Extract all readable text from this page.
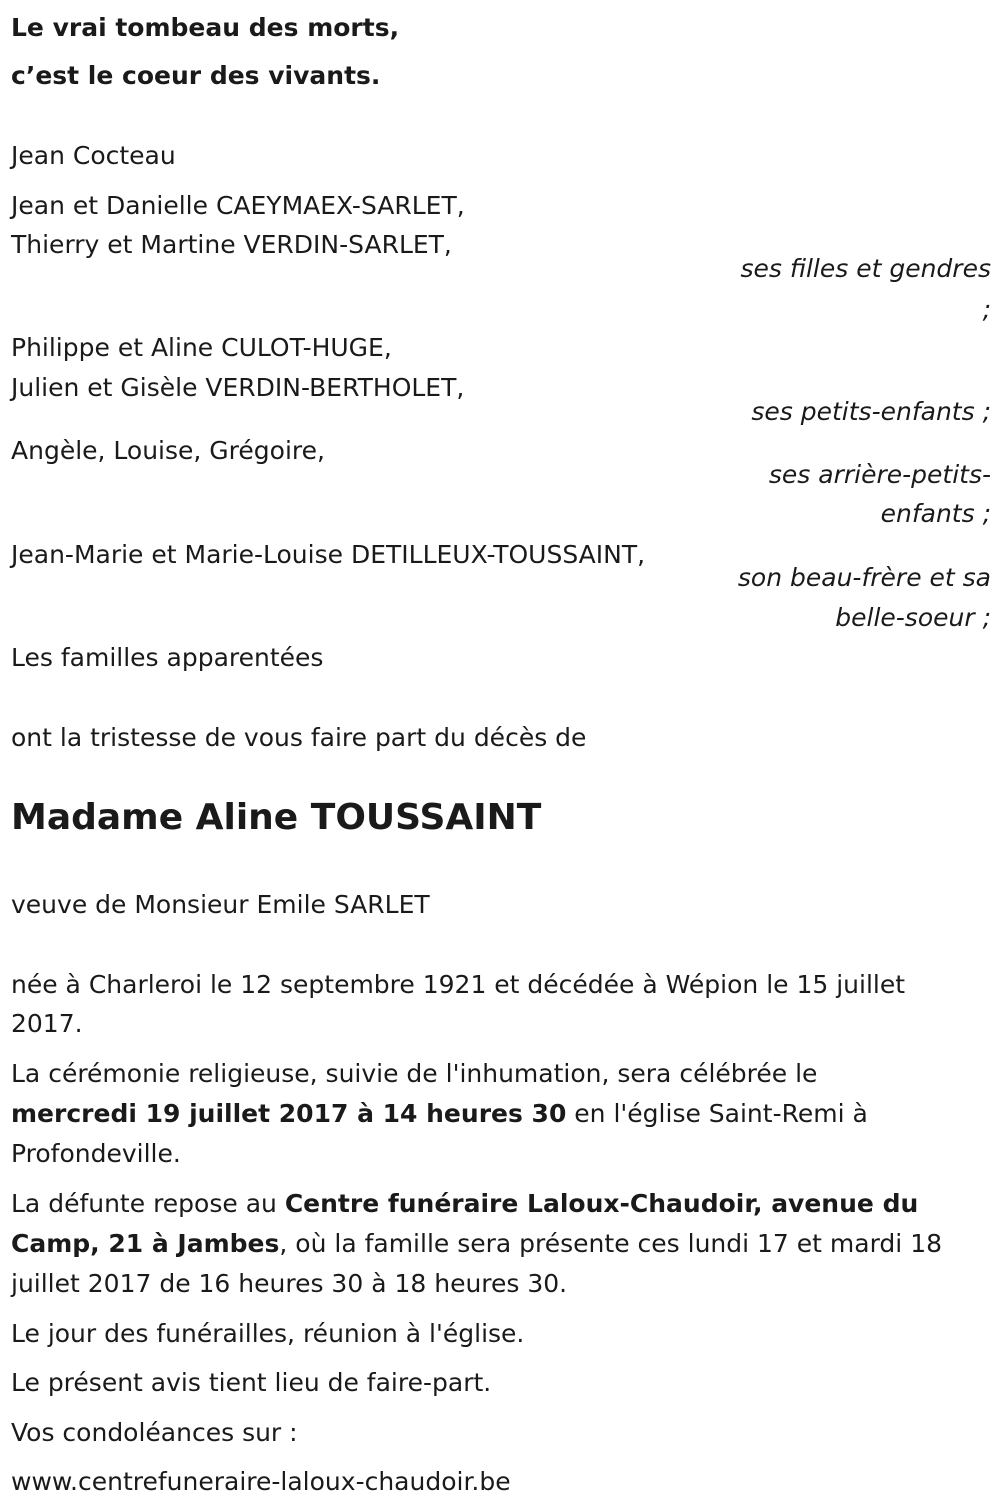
Le vrai tombeau des morts,
c’est le coeur des vivants.
Jean Cocteau
Jean et Danielle CAEYMAEX-SARLET,
Thierry et Martine VERDIN-SARLET,
ses filles et gendres
;
Philippe et Aline CULOT-HUGE,
Julien et Gisèle VERDIN-BERTHOLET,
ses petits-enfants ;
Angèle, Louise, Grégoire,
ses arrière-petits-
enfants ;
Jean-Marie et Marie-Louise DETILLEUX-TOUSSAINT,
son beau-frère et sa
belle-soeur ;
Les familles apparentées
ont la tristesse de vous faire part du décès de
Madame Aline TOUSSAINT
veuve de Monsieur Emile SARLET
née à Charleroi le 12 septembre 1921 et décédée à Wépion le 15 juillet
2017.
La cérémonie religieuse, suivie de l'inhumation, sera célébrée le
mercredi 19 juillet 2017 à 14 heures 30 en l'église Saint-Remi à
Profondeville.
La défunte repose au Centre funéraire Laloux-Chaudoir, avenue du
Camp, 21 à Jambes, où la famille sera présente ces lundi 17 et mardi 18
juillet 2017 de 16 heures 30 à 18 heures 30.
Le jour des funérailles, réunion à l'église.
Le présent avis tient lieu de faire-part.
Vos condoléances sur :
www.centrefuneraire-laloux-chaudoir.be
